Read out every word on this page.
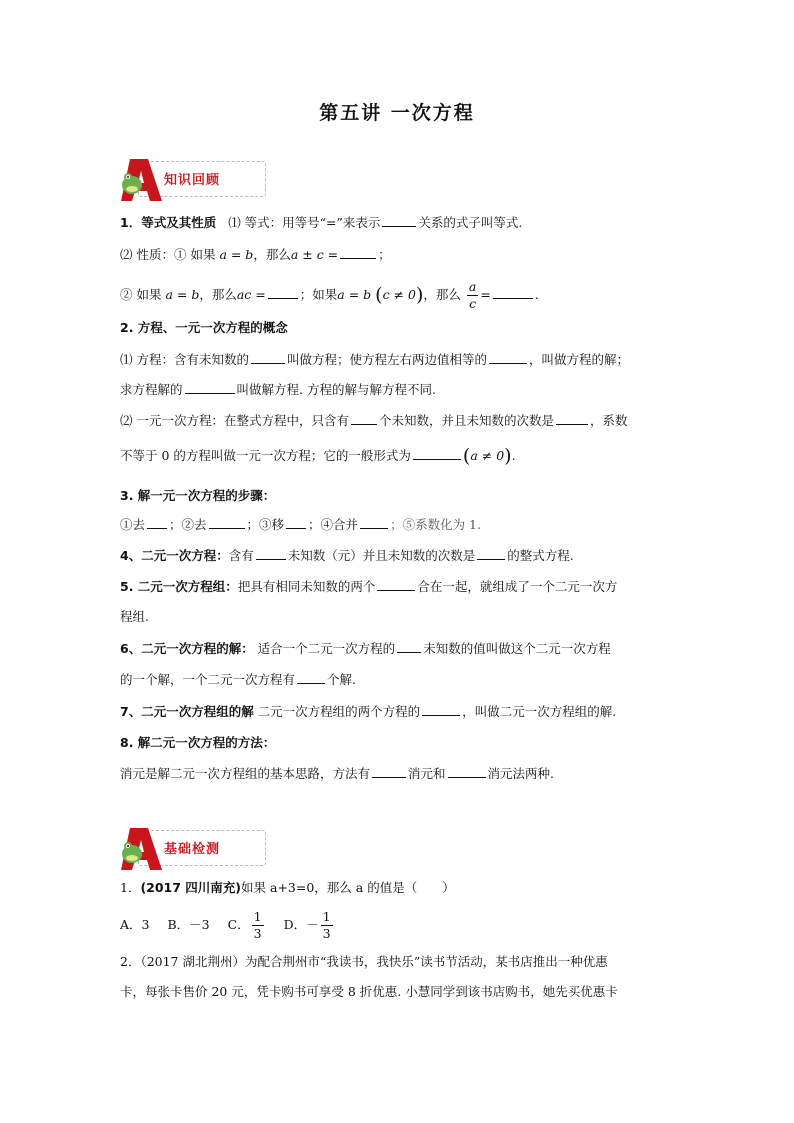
第五讲 一次方程
知识回顾
1．等式及其性质 ⑴ 等式：用等号“=”来表示	关系的式子叫等式.
⑵ 性质：① 如果 a = b，那么a ± c =	；
② 如果 a = b，那么ac =	；如果a = b (c ≠ 0)，那么 $\frac{a}{c}$ =	.
2. 方程、一元一次方程的概念
⑴ 方程：含有未知数的	叫做方程；使方程左右两边值相等的	，叫做方程的解；
求方程解的	叫做解方程. 方程的解与解方程不同.
⑵ 一元一次方程：在整式方程中，只含有 个未知数，并且未知数的次数是	，系数
不等于 0 的方程叫做一元一次方程；它的一般形式为	(a ≠ 0).
3. 解一元一次方程的步骤：
①去 ；②去	；③移 ；④合并	；⑤系数化为 1.
4、二元一次方程：含有	未知数（元）并且未知数的次数是	的整式方程.
5. 二元一次方程组：把具有相同未知数的两个	合在一起，就组成了一个二元一次方
程组.
6、二元一次方程的解： 适合一个二元一次方程的 未知数的值叫做这个二元一次方程
的一个解，一个二元一次方程有	个解.
7、二元一次方程组的解 二元一次方程组的两个方程的	，叫做二元一次方程组的解.
8. 解二元一次方程的方法：
消元是解二元一次方程组的基本思路，方法有	消元和	消元法两种.
基础检测
1．(2017 四川南充)如果 a+3=0，那么 a 的值是（　　）
A．3 B．－3 C． $\frac{1}{3}$ D．－ $\frac{1}{3}$
2．（2017 湖北荆州）为配合荆州市“我读书，我快乐”读书节活动，某书店推出一种优惠
卡，每张卡售价 20 元，凭卡购书可享受 8 折优惠. 小慧同学到该书店购书，她先买优惠卡
